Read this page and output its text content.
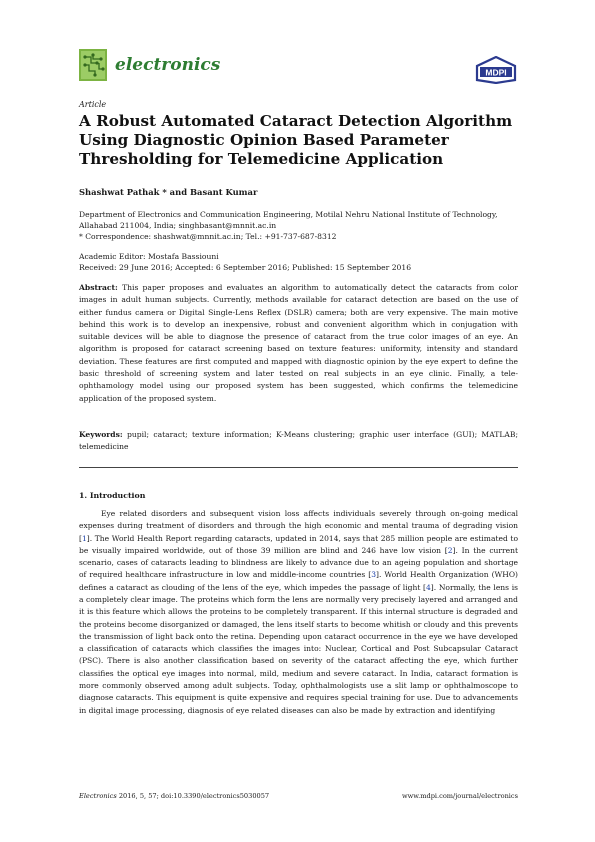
electronics	MDPI
Article
A Robust Automated Cataract Detection Algorithm Using Diagnostic Opinion Based Parameter Thresholding for Telemedicine Application
Shashwat Pathak * and Basant Kumar
Department of Electronics and Communication Engineering, Motilal Nehru National Institute of Technology,
Allahabad 211004, India; singhbasant@mnnit.ac.in
* Correspondence: shashwat@mnnit.ac.in; Tel.: +91-737-687-8312
Academic Editor: Mostafa Bassiouni
Received: 29 June 2016; Accepted: 6 September 2016; Published: 15 September 2016

Abstract: This paper proposes and evaluates an algorithm to automatically detect the cataracts from color images in adult human subjects. Currently, methods available for cataract detection are based on the use of either fundus camera or Digital Single-Lens Reflex (DSLR) camera; both are very expensive. The main motive behind this work is to develop an inexpensive, robust and convenient algorithm which in conjugation with suitable devices will be able to diagnose the presence of cataract from the true color images of an eye. An algorithm is proposed for cataract screening based on texture features: uniformity, intensity and standard deviation. These features are first computed and mapped with diagnostic opinion by the eye expert to define the basic threshold of screening system and later tested on real subjects in an eye clinic. Finally, a tele-ophthamology model using our proposed system has been suggested, which confirms the telemedicine application of the proposed system.

Keywords: pupil; cataract; texture information; K-Means clustering; graphic user interface (GUI); MATLAB; telemedicine

1. Introduction

Eye related disorders and subsequent vision loss affects individuals severely through on-going medical expenses during treatment of disorders and through the high economic and mental trauma of degrading vision [1]. The World Health Report regarding cataracts, updated in 2014, says that 285 million people are estimated to be visually impaired worldwide, out of those 39 million are blind and 246 have low vision [2]. In the current scenario, cases of cataracts leading to blindness are likely to advance due to an ageing population and shortage of required healthcare infrastructure in low and middle-income countries [3]. World Health Organization (WHO) defines a cataract as clouding of the lens of the eye, which impedes the passage of light [4]. Normally, the lens is a completely clear image. The proteins which form the lens are normally very precisely layered and arranged and it is this feature which allows the proteins to be completely transparent. If this internal structure is degraded and the proteins become disorganized or damaged, the lens itself starts to become whitish or cloudy and this prevents the transmission of light back onto the retina. Depending upon cataract occurrence in the eye we have developed a classification of cataracts which classifies the images into: Nuclear, Cortical and Post Subcapsular Cataract (PSC). There is also another classification based on severity of the cataract affecting the eye, which further classifies the optical eye images into normal, mild, medium and severe cataract. In India, cataract formation is more commonly observed among adult subjects. Today, ophthalmologists use a slit lamp or ophthalmoscope to diagnose cataracts. This equipment is quite expensive and requires special training for use. Due to advancements in digital image processing, diagnosis of eye related diseases can also be made by extraction and identifying

Electronics 2016, 5, 57; doi:10.3390/electronics5030057	www.mdpi.com/journal/electronics
